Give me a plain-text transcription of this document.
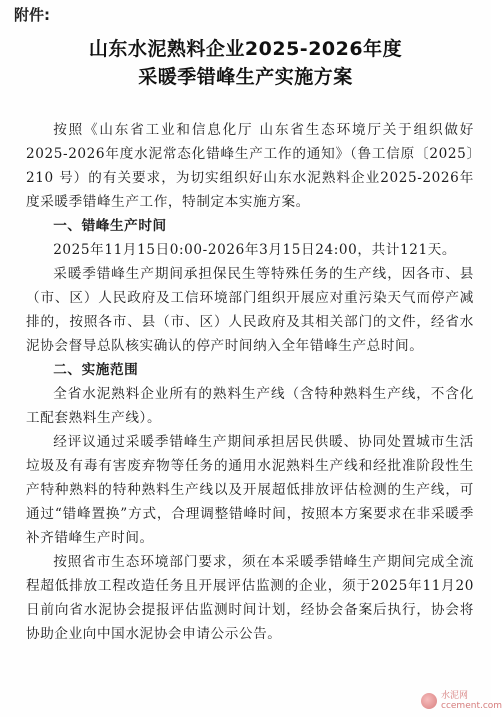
附件:
山东水泥熟料企业2025-2026年度
采暖季错峰生产实施方案

按照《山东省工业和信息化厅 山东省生态环境厅关于组织做好2025-2026年度水泥常态化错峰生产工作的通知》（鲁工信原〔2025〕210 号）的有关要求，为切实组织好山东水泥熟料企业2025-2026年度采暖季错峰生产工作，特制定本实施方案。

一、错峰生产时间

2025年11月15日0:00-2026年3月15日24:00，共计121天。

采暖季错峰生产期间承担保民生等特殊任务的生产线，因各市、县（市、区）人民政府及工信环境部门组织开展应对重污染天气而停产减排的，按照各市、县（市、区）人民政府及其相关部门的文件，经省水泥协会督导总队核实确认的停产时间纳入全年错峰生产总时间。

二、实施范围

全省水泥熟料企业所有的熟料生产线（含特种熟料生产线，不含化工配套熟料生产线）。

经评议通过采暖季错峰生产期间承担居民供暖、协同处置城市生活垃圾及有毒有害废弃物等任务的通用水泥熟料生产线和经批准阶段性生产特种熟料的特种熟料生产线以及开展超低排放评估检测的生产线，可通过“错峰置换”方式，合理调整错峰时间，按照本方案要求在非采暖季补齐错峰生产时间。

按照省市生态环境部门要求，须在本采暖季错峰生产期间完成全流程超低排放工程改造任务且开展评估监测的企业，须于2025年11月20日前向省水泥协会提报评估监测时间计划，经协会备案后执行，协会将协助企业向中国水泥协会申请公示公告。

水泥网
ccement.com
